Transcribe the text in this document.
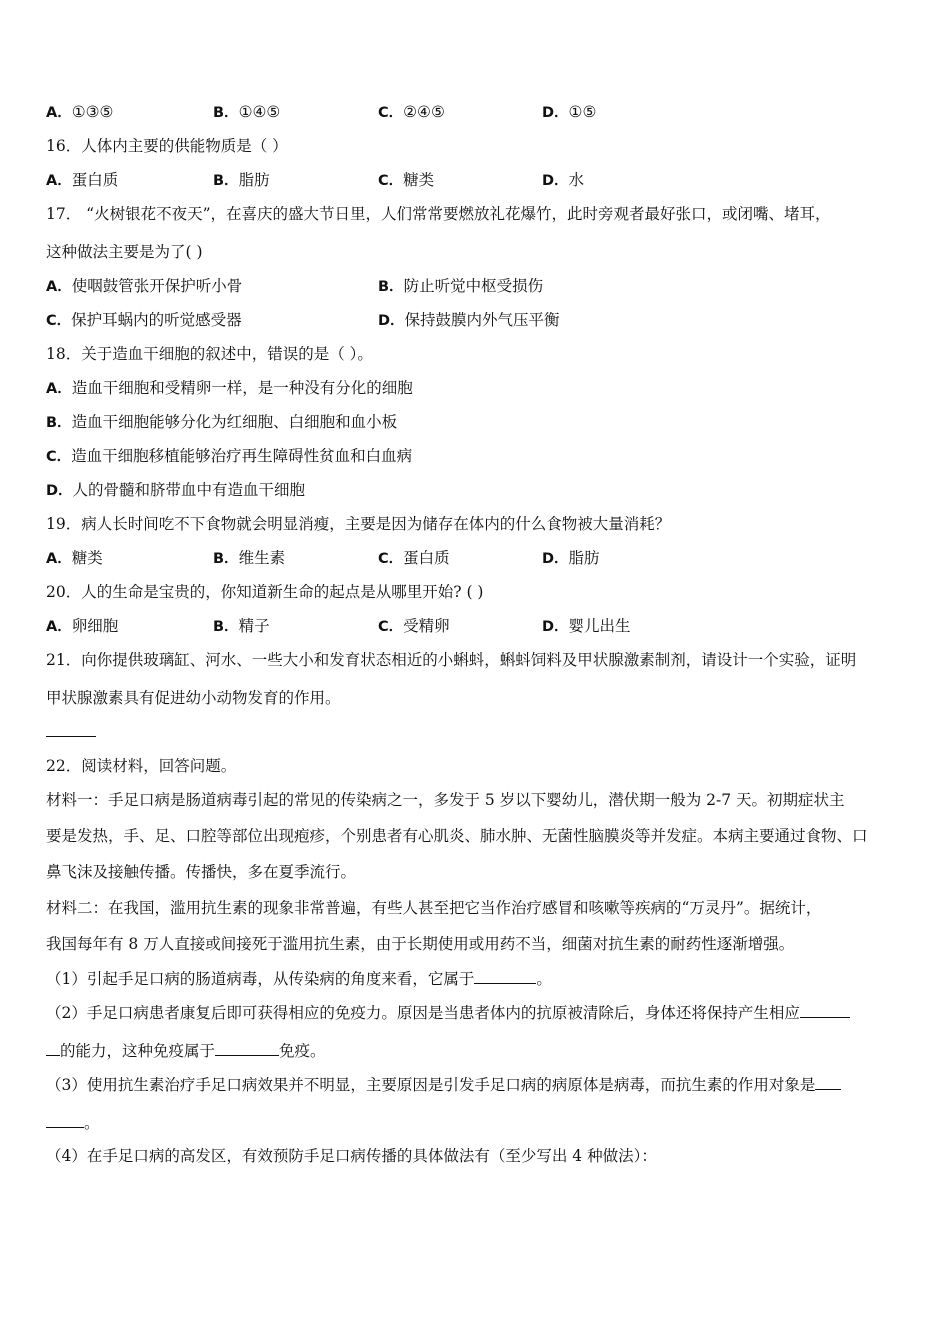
A．①③⑤	B．①④⑤	C．②④⑤	D．①⑤
16．人体内主要的供能物质是（ ）
A．蛋白质	B．脂肪	C．糖类	D．水
17． “火树银花不夜天”，在喜庆的盛大节日里，人们常常要燃放礼花爆竹，此时旁观者最好张口，或闭嘴、堵耳，
这种做法主要是为了( )
A．使咽鼓管张开保护听小骨	B．防止听觉中枢受损伤
C．保护耳蜗内的听觉感受器	D．保持鼓膜内外气压平衡
18．关于造血干细胞的叙述中，错误的是（ ）。
A．造血干细胞和受精卵一样，是一种没有分化的细胞
B．造血干细胞能够分化为红细胞、白细胞和血小板
C．造血干细胞移植能够治疗再生障碍性贫血和白血病
D．人的骨髓和脐带血中有造血干细胞
19．病人长时间吃不下食物就会明显消瘦，主要是因为储存在体内的什么食物被大量消耗？
A．糖类	B．维生素	C．蛋白质	D．脂肪
20．人的生命是宝贵的，你知道新生命的起点是从哪里开始? ( )
A．卵细胞	B．精子	C．受精卵	D．婴儿出生
21．向你提供玻璃缸、河水、一些大小和发育状态相近的小蝌蚪，蝌蚪饲料及甲状腺激素制剂，请设计一个实验，证明
甲状腺激素具有促进幼小动物发育的作用。
22．阅读材料，回答问题。
材料一：手足口病是肠道病毒引起的常见的传染病之一，多发于 5 岁以下婴幼儿，潜伏期一般为 2-7 天。初期症状主
要是发热，手、足、口腔等部位出现疱疹，个别患者有心肌炎、肺水肿、无菌性脑膜炎等并发症。本病主要通过食物、口
鼻飞沫及接触传播。传播快，多在夏季流行。
材料二：在我国，滥用抗生素的现象非常普遍，有些人甚至把它当作治疗感冒和咳嗽等疾病的“万灵丹”。据统计，
我国每年有 8 万人直接或间接死于滥用抗生素，由于长期使用或用药不当，细菌对抗生素的耐药性逐渐增强。
（1）引起手足口病的肠道病毒，从传染病的角度来看，它属于	。
（2）手足口病患者康复后即可获得相应的免疫力。原因是当患者体内的抗原被清除后，身体还将保持产生相应
的能力，这种免疫属于	免疫。
（3）使用抗生素治疗手足口病效果并不明显，主要原因是引发手足口病的病原体是病毒，而抗生素的作用对象是
。
（4）在手足口病的高发区，有效预防手足口病传播的具体做法有（至少写出 4 种做法）：
